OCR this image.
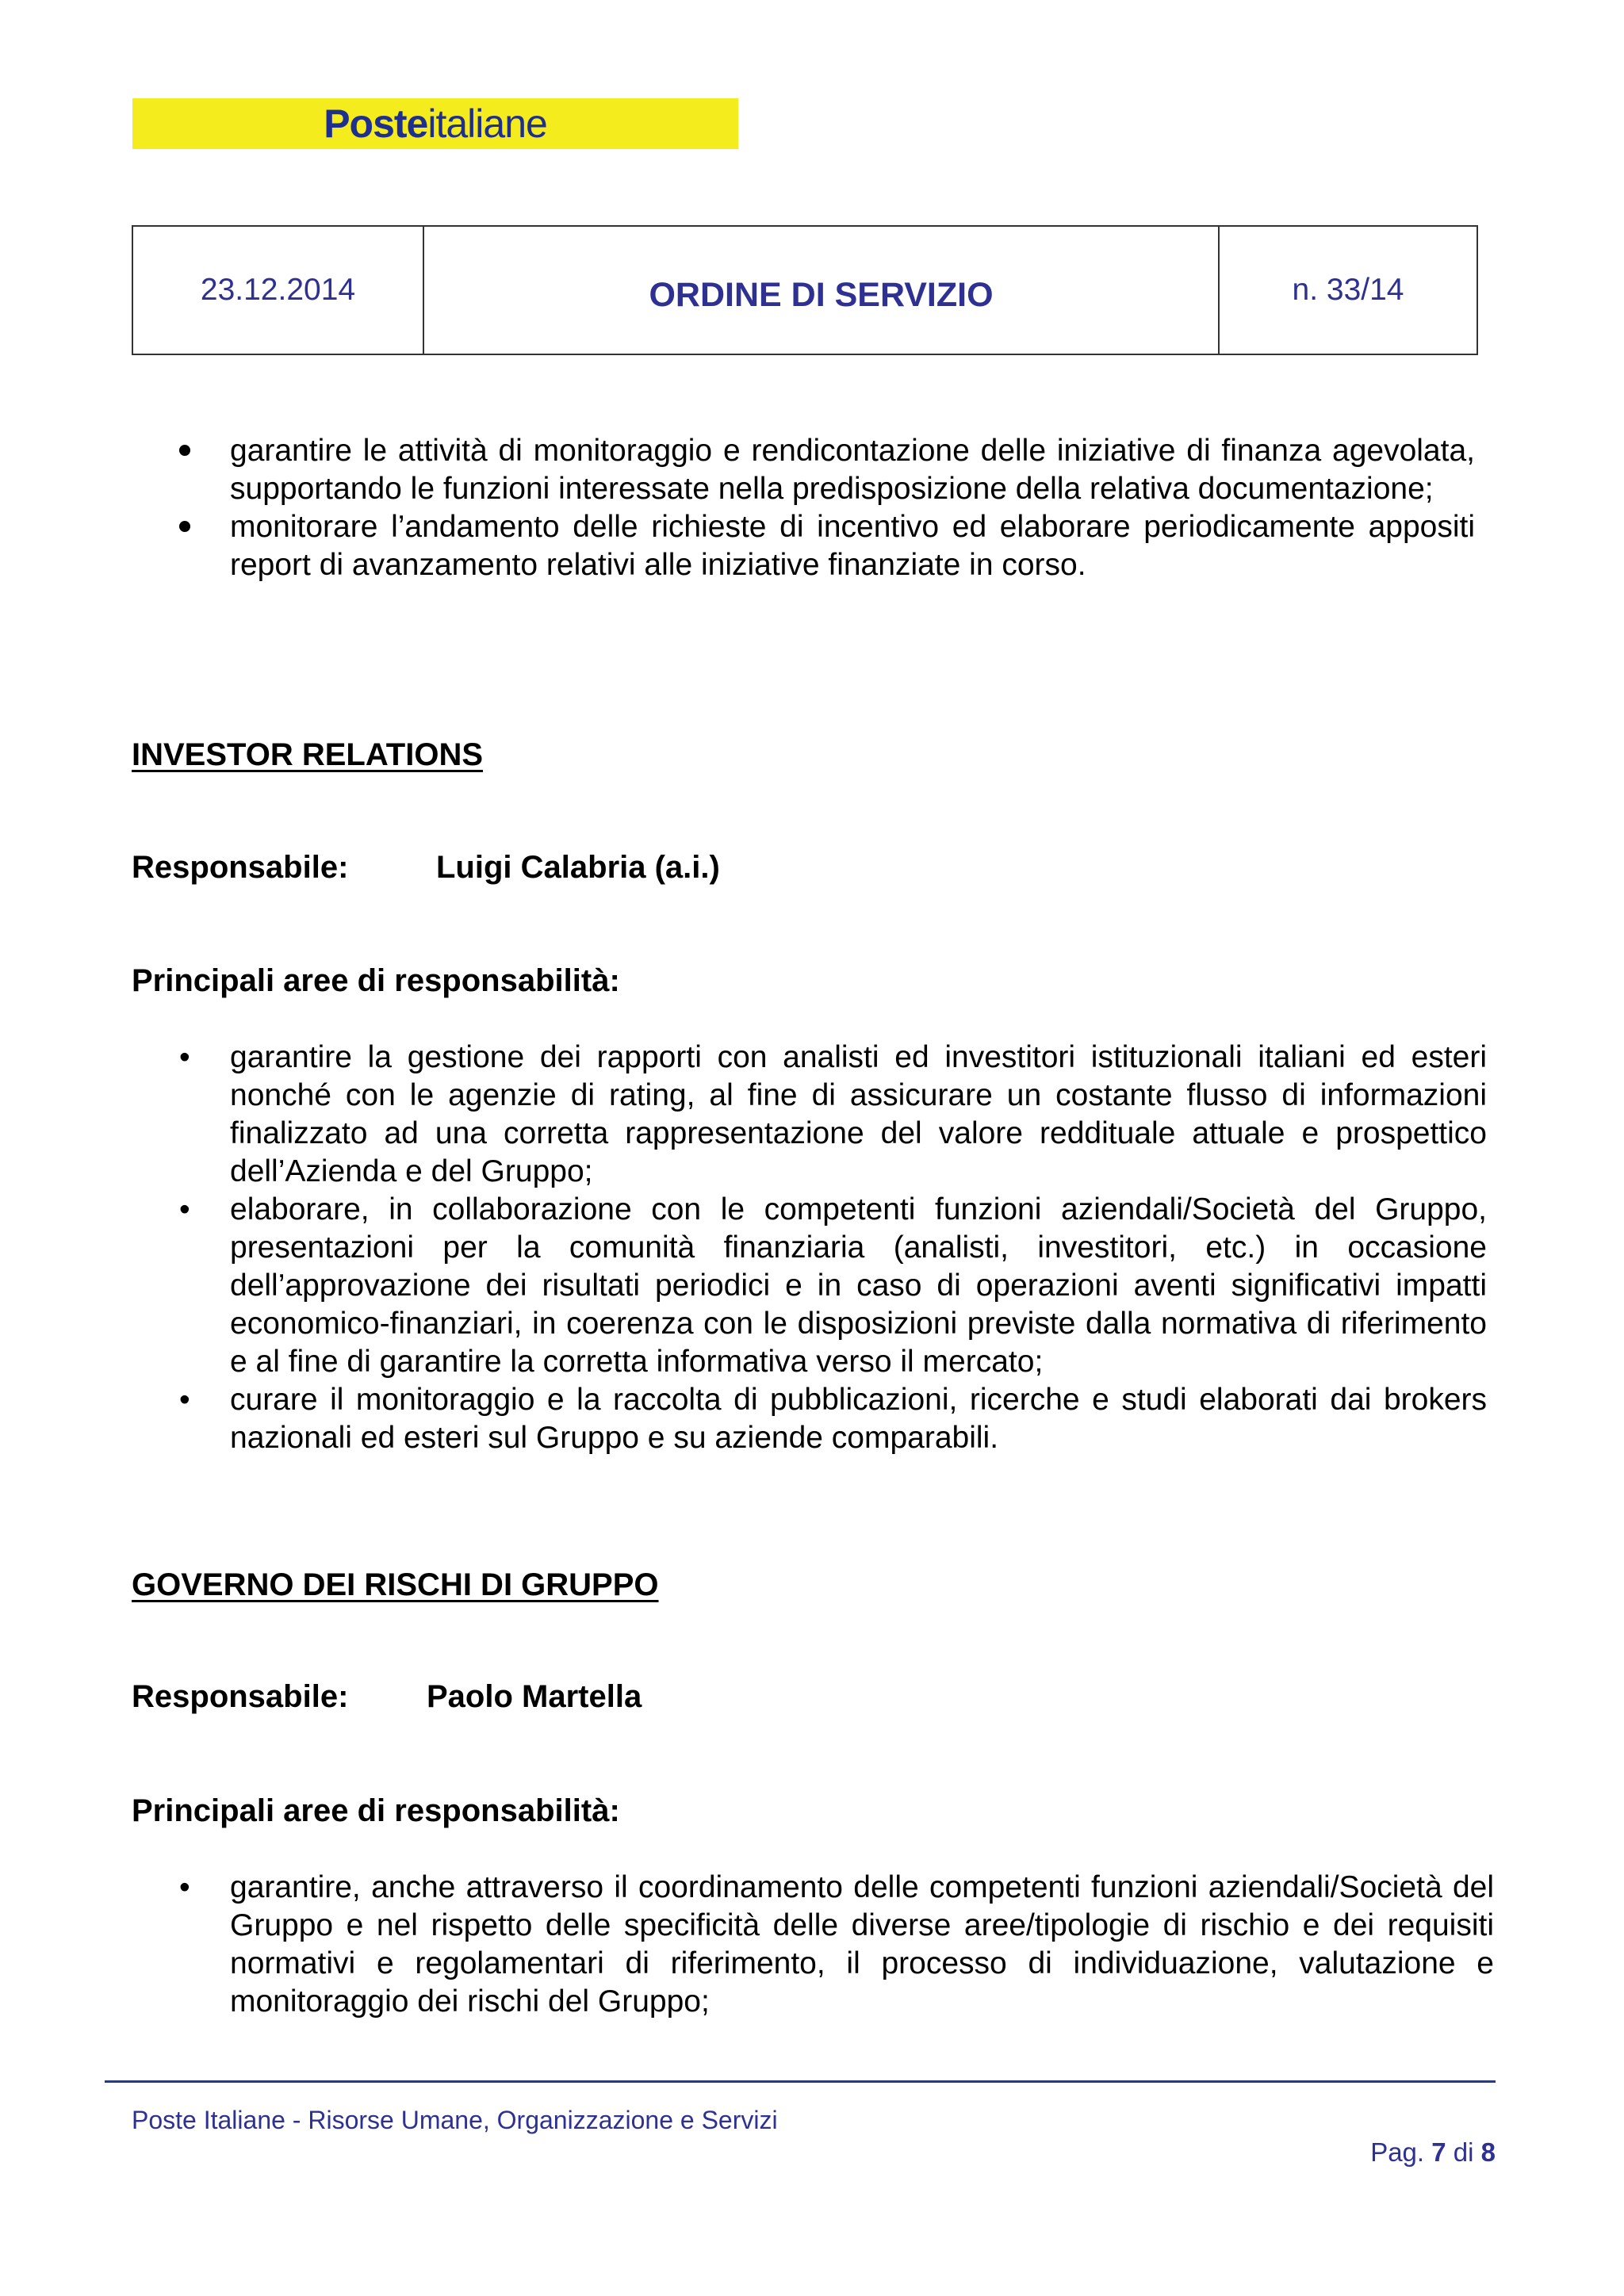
Poste italiane
23.12.2014	ORDINE DI SERVIZIO	n. 33/14
garantire le attività di monitoraggio e rendicontazione delle iniziative di finanza agevolata, supportando le funzioni interessate nella predisposizione della relativa documentazione;
monitorare l’andamento delle richieste di incentivo ed elaborare periodicamente appositi report di avanzamento relativi alle iniziative finanziate in corso.
INVESTOR RELATIONS
Responsabile:	Luigi Calabria (a.i.)
Principali aree di responsabilità:
•	garantire la gestione dei rapporti con analisti ed investitori istituzionali italiani ed esteri nonché con le agenzie di rating, al fine di assicurare un costante flusso di informazioni finalizzato ad una corretta rappresentazione del valore reddituale attuale e prospettico dell’Azienda e del Gruppo;
•	elaborare, in collaborazione con le competenti funzioni aziendali/Società del Gruppo, presentazioni per la comunità finanziaria (analisti, investitori, etc.) in occasione dell’approvazione dei risultati periodici e in caso di operazioni aventi significativi impatti economico-finanziari, in coerenza con le disposizioni previste dalla normativa di riferimento e al fine di garantire la corretta informativa verso il mercato;
•	curare il monitoraggio e la raccolta di pubblicazioni, ricerche e studi elaborati dai brokers nazionali ed esteri sul Gruppo e su aziende comparabili.
GOVERNO DEI RISCHI DI GRUPPO
Responsabile:	Paolo Martella
Principali aree di responsabilità:
•	garantire, anche attraverso il coordinamento delle competenti funzioni aziendali/Società del Gruppo e nel rispetto delle specificità delle diverse aree/tipologie di rischio e dei requisiti normativi e regolamentari di riferimento, il processo di individuazione, valutazione e monitoraggio dei rischi del Gruppo;
Poste Italiane - Risorse Umane, Organizzazione e Servizi
Pag. 7 di 8
